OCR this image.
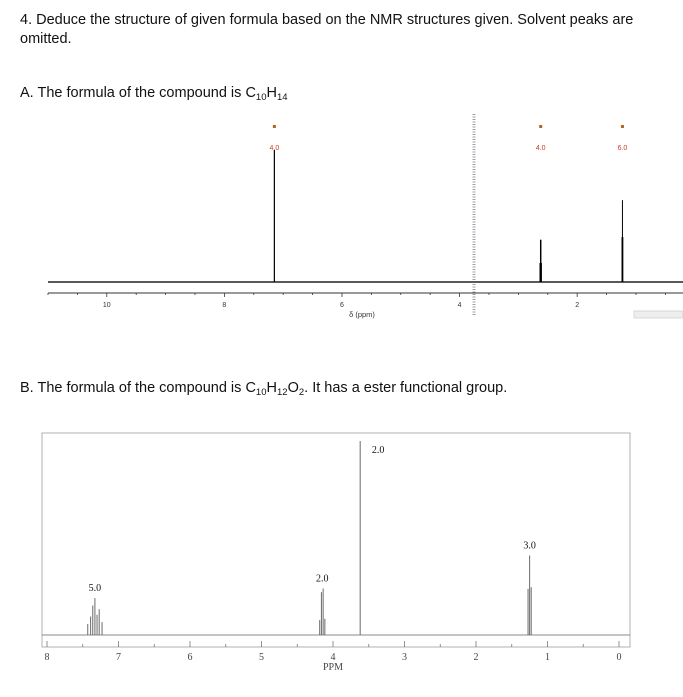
4. Deduce the structure of given formula based on the NMR structures given. Solvent peaks are omitted.

A. The formula of the compound is $C_{10}H_{14}$

10	8	6	4	2
δ (ppm)
4.0	4.0	6.0

B. The formula of the compound is $C_{10}H_{12}O_2$. It has a ester functional group.

8	7	6	5	4	3	2	1	0
PPM
5.0
2.0
2.0
3.0
